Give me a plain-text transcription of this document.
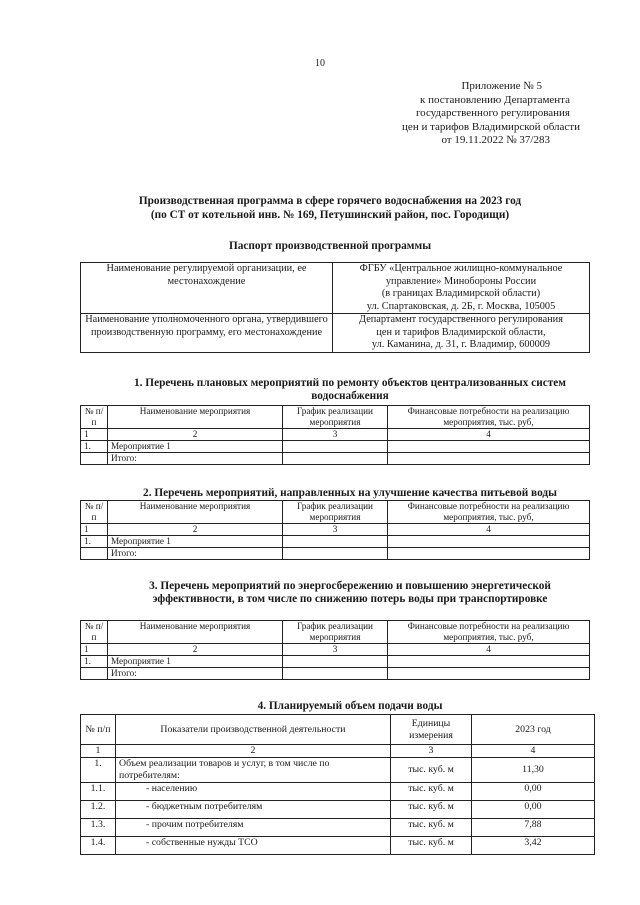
10
Приложение № 5
к постановлению Департамента
государственного регулирования
цен и тарифов Владимирской области
от 19.11.2022 № 37/283
Производственная программа в сфере горячего водоснабжения на 2023 год
(по СТ от котельной инв. № 169, Петушинский район, пос. Городищи)
Паспорт производственной программы
Наименование регулируемой организации, ее местонахождение	ФГБУ «Центральное жилищно-коммунальное
управление» Минобороны России
(в границах Владимирской области)
ул. Спартаковская, д. 2Б, г. Москва, 105005

Наименование уполномоченного органа, утвердившего производственную программу, его местонахождение	Департамент государственного регулирования
цен и тарифов Владимирской области,
ул. Каманина, д. 31, г. Владимир, 600009
1. Перечень плановых мероприятий по ремонту объектов централизованных систем
водоснабжения
№ п/п	Наименование мероприятия	График реализации мероприятия	Финансовые потребности на реализацию мероприятия, тыс. руб,
1	2	3	4
1.	Мероприятие 1		
	Итого:		
2. Перечень мероприятий, направленных на улучшение качества питьевой воды
№ п/п	Наименование мероприятия	График реализации мероприятия	Финансовые потребности на реализацию мероприятия, тыс. руб,
1	2	3	4
1.	Мероприятие 1		
	Итого:		
3. Перечень мероприятий по энергосбережению и повышению энергетической
эффективности, в том числе по снижению потерь воды при транспортировке
№ п/п	Наименование мероприятия	График реализации мероприятия	Финансовые потребности на реализацию мероприятия, тыс. руб,
1	2	3	4
1.	Мероприятие 1		
	Итого:		
4. Планируемый объем подачи воды
№ п/п	Показатели производственной деятельности	Единицы измерения	2023 год
1	2	3	4
1.	Объем реализации товаров и услуг, в том числе по потребителям:	тыс. куб. м	11,30
1.1.	- населению	тыс. куб. м	0,00
1.2.	- бюджетным потребителям	тыс. куб. м	0,00
1.3.	- прочим потребителям	тыс. куб. м	7,88
1.4.	- собственные нужды ТСО	тыс. куб. м	3,42
